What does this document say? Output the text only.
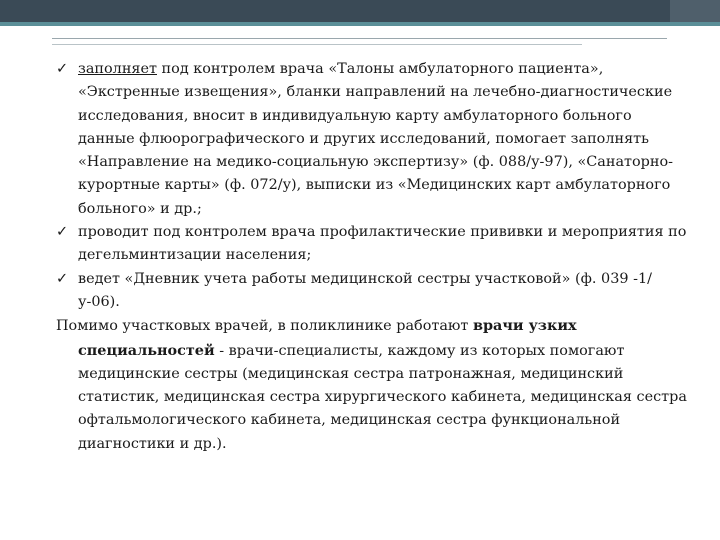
✓ заполняет под контролем врача «Талоны амбулаторного пациента», «Экстренные извещения», бланки направлений на лечебно-диагностические исследования, вносит в индивидуальную карту амбулаторного больного данные флюорографического и других исследований, помогает заполнять «Направление на медико-социальную экспертизу» (ф. 088/у-97), «Санаторно-курортные карты» (ф. 072/у), выписки из «Медицинских карт амбулаторного больного» и др.;

✓ проводит под контролем врача профилактические прививки и мероприятия по дегельминтизации населения;

✓ ведет «Дневник учета работы медицинской сестры участковой» (ф. 039 -1/у-06).

Помимо участковых врачей, в поликлинике работают врачи узких специальностей - врачи-специалисты, каждому из которых помогают медицинские сестры (медицинская сестра патронажная, медицинский статистик, медицинская сестра хирургического кабинета, медицинская сестра офтальмологического кабинета, медицинская сестра функциональной диагностики и др.).
